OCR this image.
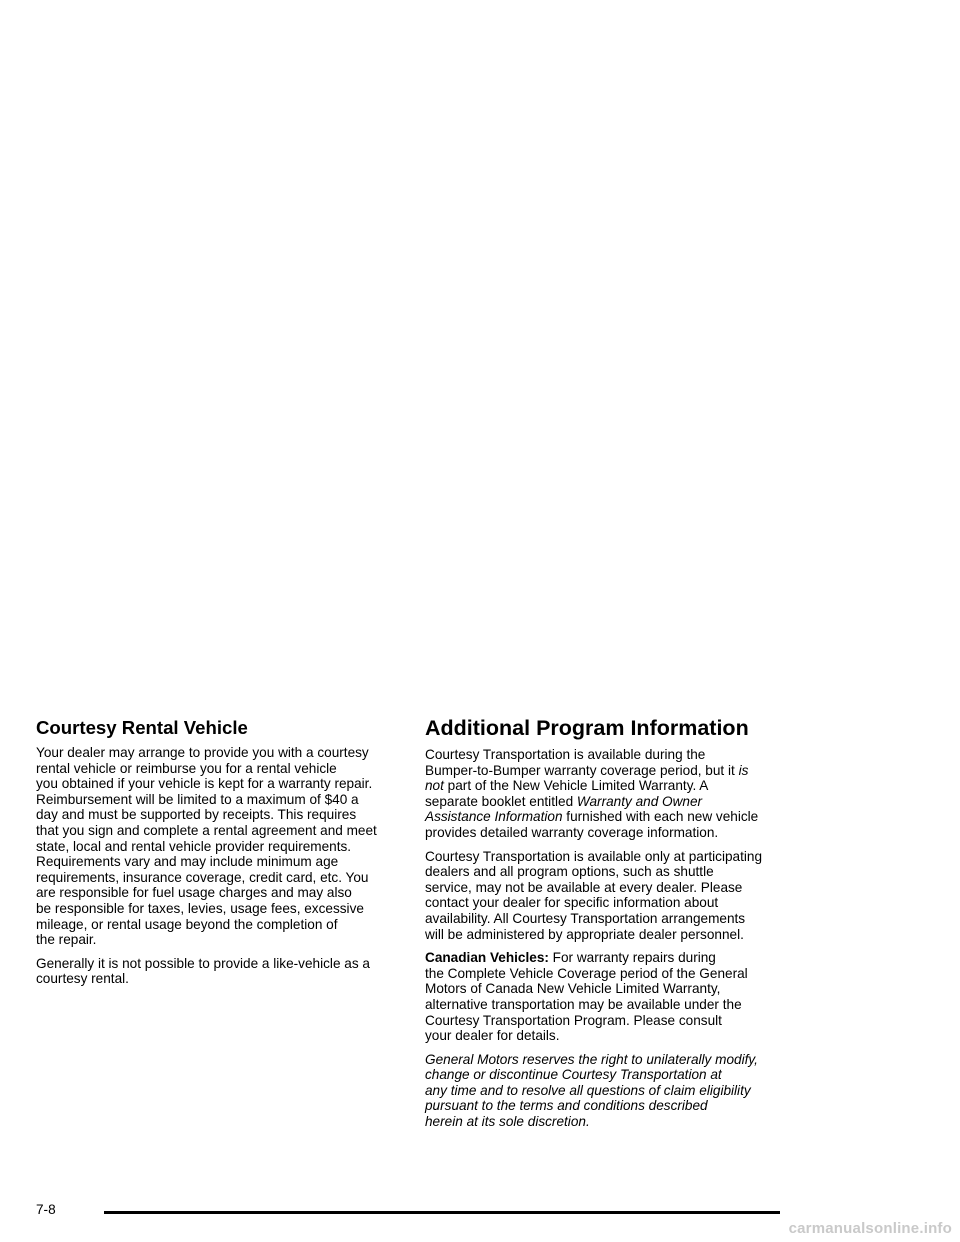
Courtesy Rental Vehicle

Your dealer may arrange to provide you with a courtesy
rental vehicle or reimburse you for a rental vehicle
you obtained if your vehicle is kept for a warranty repair.
Reimbursement will be limited to a maximum of $40 a
day and must be supported by receipts. This requires
that you sign and complete a rental agreement and meet
state, local and rental vehicle provider requirements.
Requirements vary and may include minimum age
requirements, insurance coverage, credit card, etc. You
are responsible for fuel usage charges and may also
be responsible for taxes, levies, usage fees, excessive
mileage, or rental usage beyond the completion of
the repair.

Generally it is not possible to provide a like-vehicle as a
courtesy rental.

Additional Program Information

Courtesy Transportation is available during the
Bumper-to-Bumper warranty coverage period, but it is
not part of the New Vehicle Limited Warranty. A
separate booklet entitled Warranty and Owner
Assistance Information furnished with each new vehicle
provides detailed warranty coverage information.

Courtesy Transportation is available only at participating
dealers and all program options, such as shuttle
service, may not be available at every dealer. Please
contact your dealer for specific information about
availability. All Courtesy Transportation arrangements
will be administered by appropriate dealer personnel.

Canadian Vehicles: For warranty repairs during
the Complete Vehicle Coverage period of the General
Motors of Canada New Vehicle Limited Warranty,
alternative transportation may be available under the
Courtesy Transportation Program. Please consult
your dealer for details.

General Motors reserves the right to unilaterally modify,
change or discontinue Courtesy Transportation at
any time and to resolve all questions of claim eligibility
pursuant to the terms and conditions described
herein at its sole discretion.

7-8
carmanualsonline.info
